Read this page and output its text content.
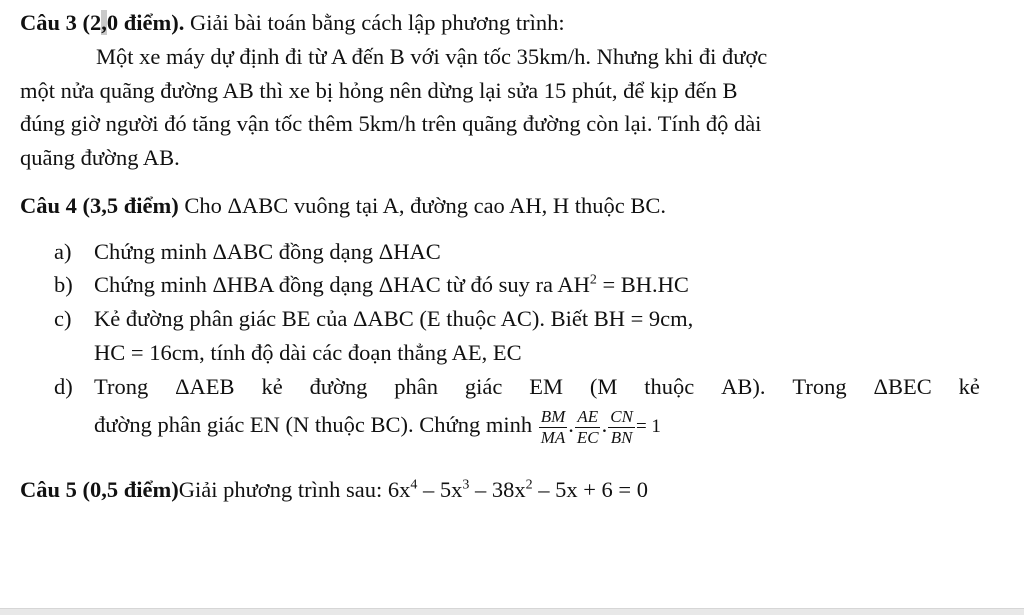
Câu 3 (2,0 điểm). Giải bài toán bằng cách lập phương trình:
Một xe máy dự định đi từ A đến B với vận tốc 35km/h. Nhưng khi đi được
một nửa quãng đường AB thì xe bị hỏng nên dừng lại sửa 15 phút, để kịp đến B
đúng giờ người đó tăng vận tốc thêm 5km/h trên quãng đường còn lại. Tính độ dài
quãng đường AB.
Câu 4 (3,5 điểm) Cho ΔABC vuông tại A, đường cao AH, H thuộc BC.
a)	Chứng minh ΔABC đồng dạng ΔHAC
b) Chứng minh ΔHBA đồng dạng ΔHAC từ đó suy ra $AH^2 = BH.HC$
c)	Kẻ đường phân giác BE của ΔABC (E thuộc AC). Biết BH = 9cm,
HC = 16cm, tính độ dài các đoạn thẳng AE, EC
d) Trong ΔAEB kẻ đường phân giác EM (M thuộc AB). Trong ΔBEC kẻ
đường phân giác EN (N thuộc BC). Chứng minh $\frac{BM}{MA}$ . $\frac{AE}{EC}$ . $\frac{CN}{BN} = 1$
Câu 5 (0,5 điểm)Giải phương trình sau: $6x^4 - 5x^3 - 38x^2 - 5x + 6 = 0$
